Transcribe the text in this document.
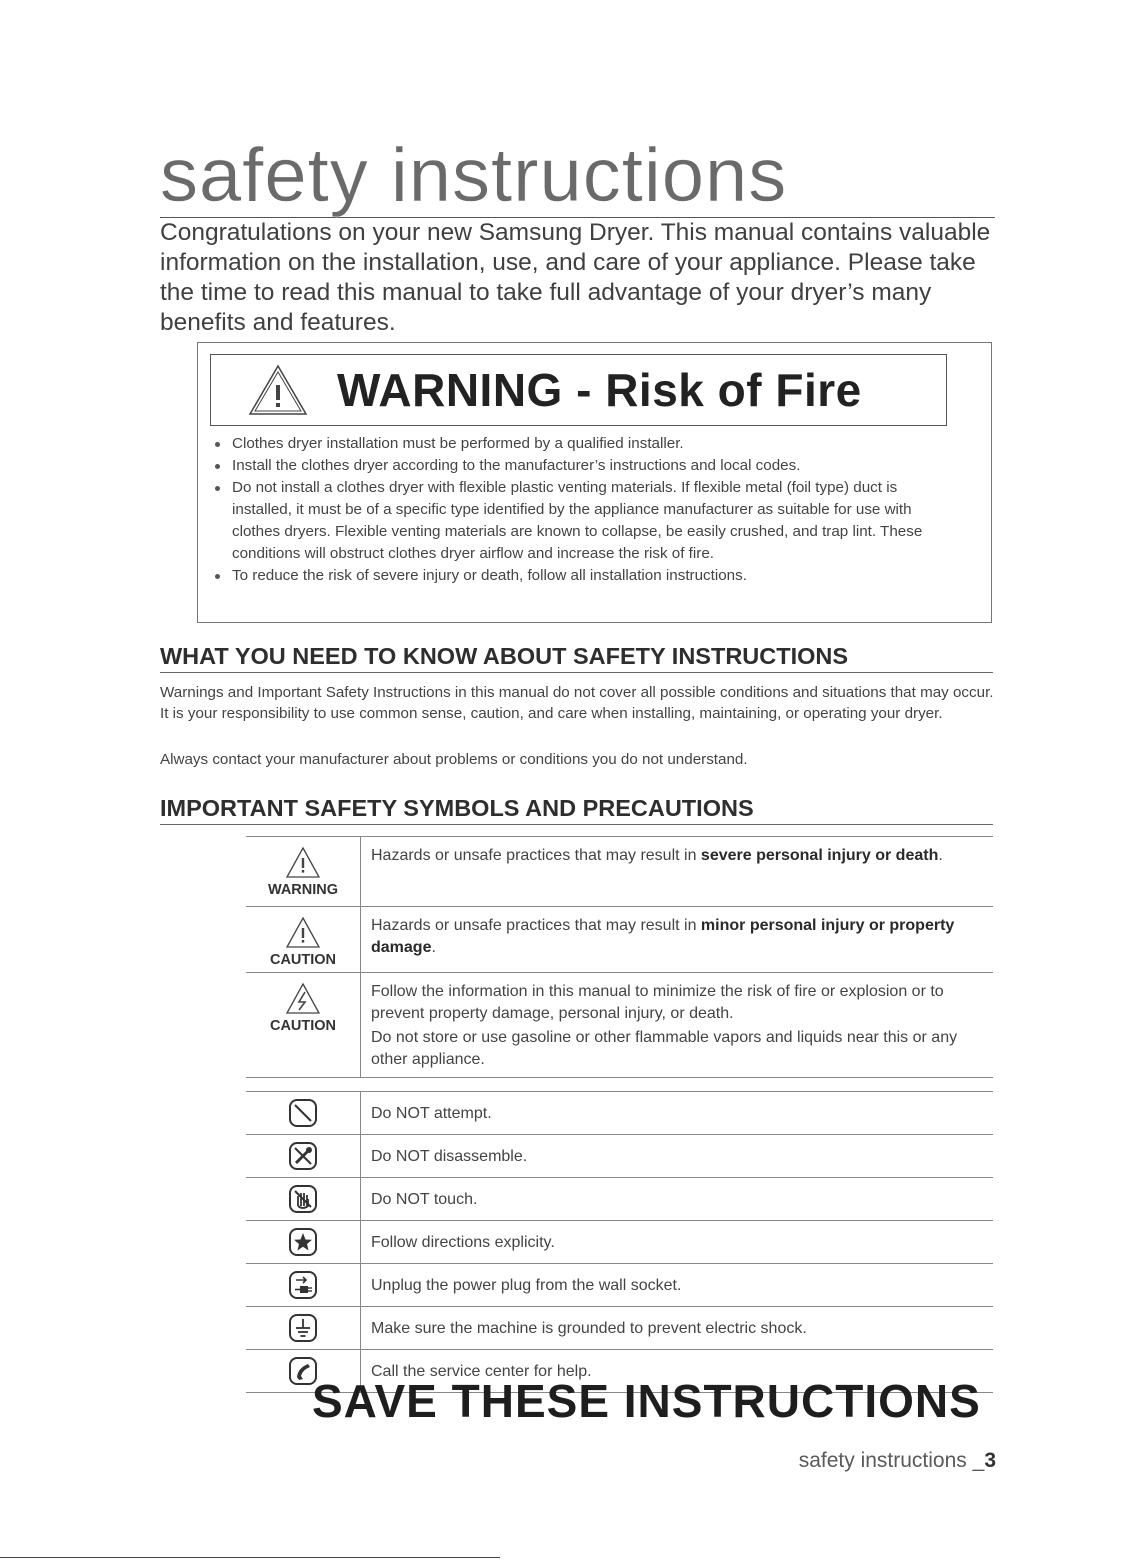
safety instructions
Congratulations on your new Samsung Dryer. This manual contains valuable information on the installation, use, and care of your appliance. Please take the time to read this manual to take full advantage of your dryer’s many benefits and features.
WARNING - Risk of Fire
Clothes dryer installation must be performed by a qualified installer.
Install the clothes dryer according to the manufacturer’s instructions and local codes.
Do not install a clothes dryer with flexible plastic venting materials. If flexible metal (foil type) duct is installed, it must be of a specific type identified by the appliance manufacturer as suitable for use with clothes dryers. Flexible venting materials are known to collapse, be easily crushed, and trap lint. These conditions will obstruct clothes dryer airflow and increase the risk of fire.
To reduce the risk of severe injury or death, follow all installation instructions.
WHAT YOU NEED TO KNOW ABOUT SAFETY INSTRUCTIONS
Warnings and Important Safety Instructions in this manual do not cover all possible conditions and situations that may occur. It is your responsibility to use common sense, caution, and care when installing, maintaining, or operating your dryer.
Always contact your manufacturer about problems or conditions you do not understand.
IMPORTANT SAFETY SYMBOLS AND PRECAUTIONS
WARNING	Hazards or unsafe practices that may result in severe personal injury or death.

CAUTION	Hazards or unsafe practices that may result in minor personal injury or property damage.

CAUTION	Follow the information in this manual to minimize the risk of fire or explosion or to prevent property damage, personal injury, or death.
Do not store or use gasoline or other flammable vapors and liquids near this or any other appliance.
	Do NOT attempt.
	Do NOT disassemble.
	Do NOT touch.
	Follow directions explicity.
	Unplug the power plug from the wall socket.
	Make sure the machine is grounded to prevent electric shock.
	Call the service center for help.
SAVE THESE INSTRUCTIONS
safety instructions _3
